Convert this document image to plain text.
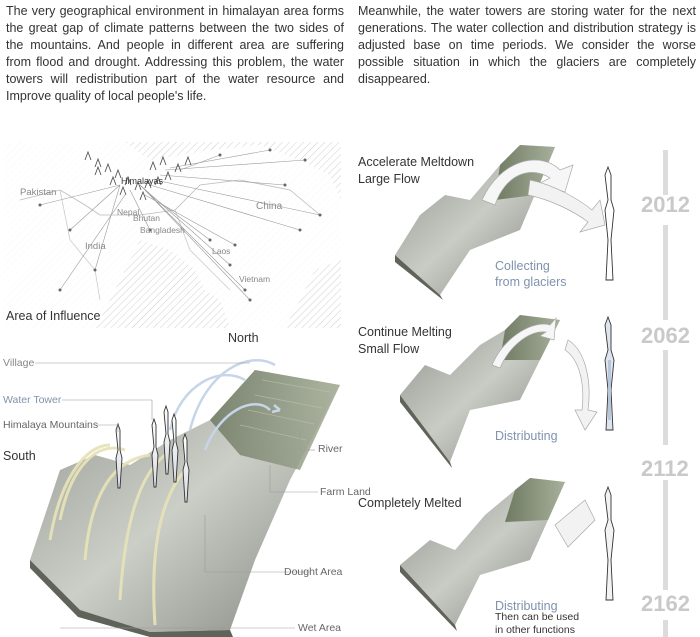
The very geographical environment in himalayan area forms the great gap of climate patterns between the two sides of the mountains. And people in different area are suffering from flood and drought. Addressing this problem, the water towers will redistribution part of the water resource and Improve quality of local people's life.
Meanwhile, the water towers are storing water for the next generations. The water collection and distribution strategy is adjusted base on time periods. We consider the worse possible situation in which the glaciers are completely disappeared.
Pakistan
Himalayas
Nepal
Bhutan
Bangladesh
India
China
Laos
Vietnam
Area of Influence
North
Village
Water Tower
Himalaya Mountains
South	River
Farm Land
Dought Area
Wet Area
Accelerate Meltdown
Large Flow
Collecting
from glaciers
2012
Continue Melting
Small Flow
Distributing
2062
Completely Melted
Distributing
2112
Then can be used
in other functions
2162
